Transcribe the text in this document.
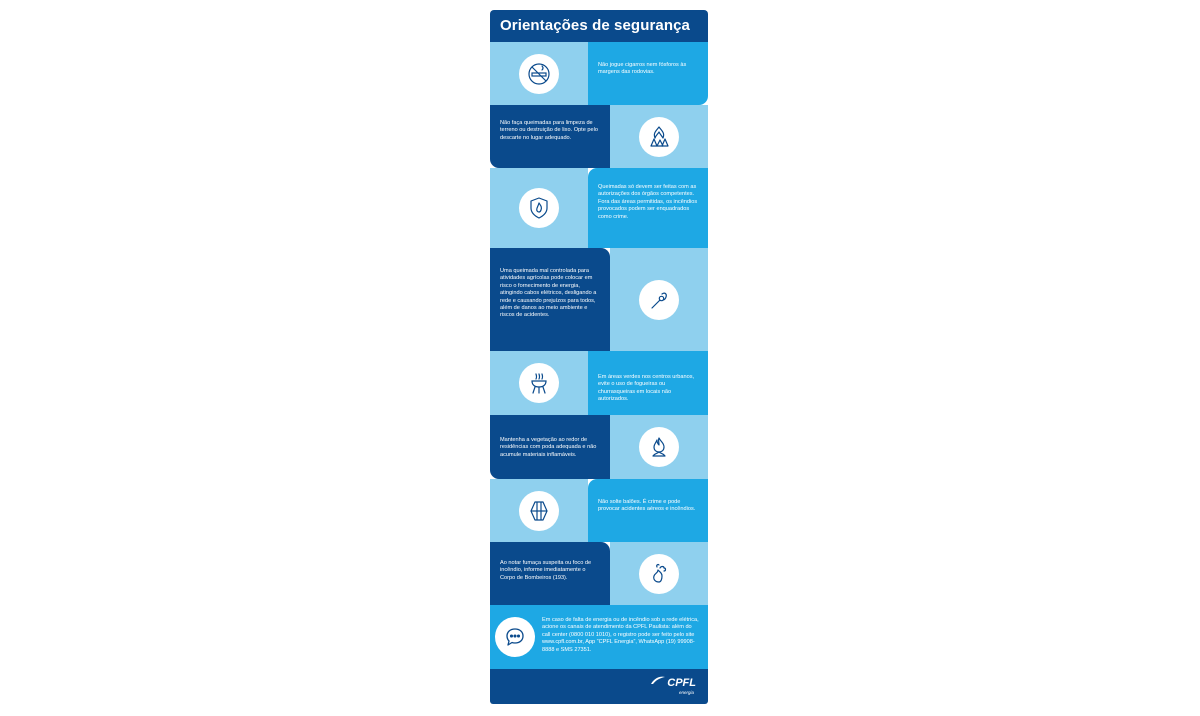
Orientações de segurança
Não jogue cigarros nem fósforos às margens das rodovias.
Não faça queimadas para limpeza de terreno ou destruição de lixo. Opte pelo descarte no lugar adequado.
Queimadas só devem ser feitas com as autorizações dos órgãos competentes. Fora das áreas permitidas, os incêndios provocados podem ser enquadrados como crime.
Uma queimada mal controlada para atividades agrícolas pode colocar em risco o fornecimento de energia, atingindo cabos elétricos, desligando a rede e causando prejuízos para todos, além de danos ao meio ambiente e riscos de acidentes.
Em áreas verdes nos centros urbanos, evite o uso de fogueiras ou churrasqueiras em locais não autorizados.
Mantenha a vegetação ao redor de residências com poda adequada e não acumule materiais inflamáveis.
Não solte balões. É crime e pode provocar acidentes aéreos e incêndios.
Ao notar fumaça suspeita ou foco de incêndio, informe imediatamente o Corpo de Bombeiros (193).
Em caso de falta de energia ou de incêndio sob a rede elétrica, acione os canais de atendimento da CPFL Paulista: além do call center (0800 010 1010), o registro pode ser feito pelo site www.cpfl.com.br, App “CPFL Energia”, WhatsApp (19) 99908-8888 e SMS 27351.
CPFL
energia
